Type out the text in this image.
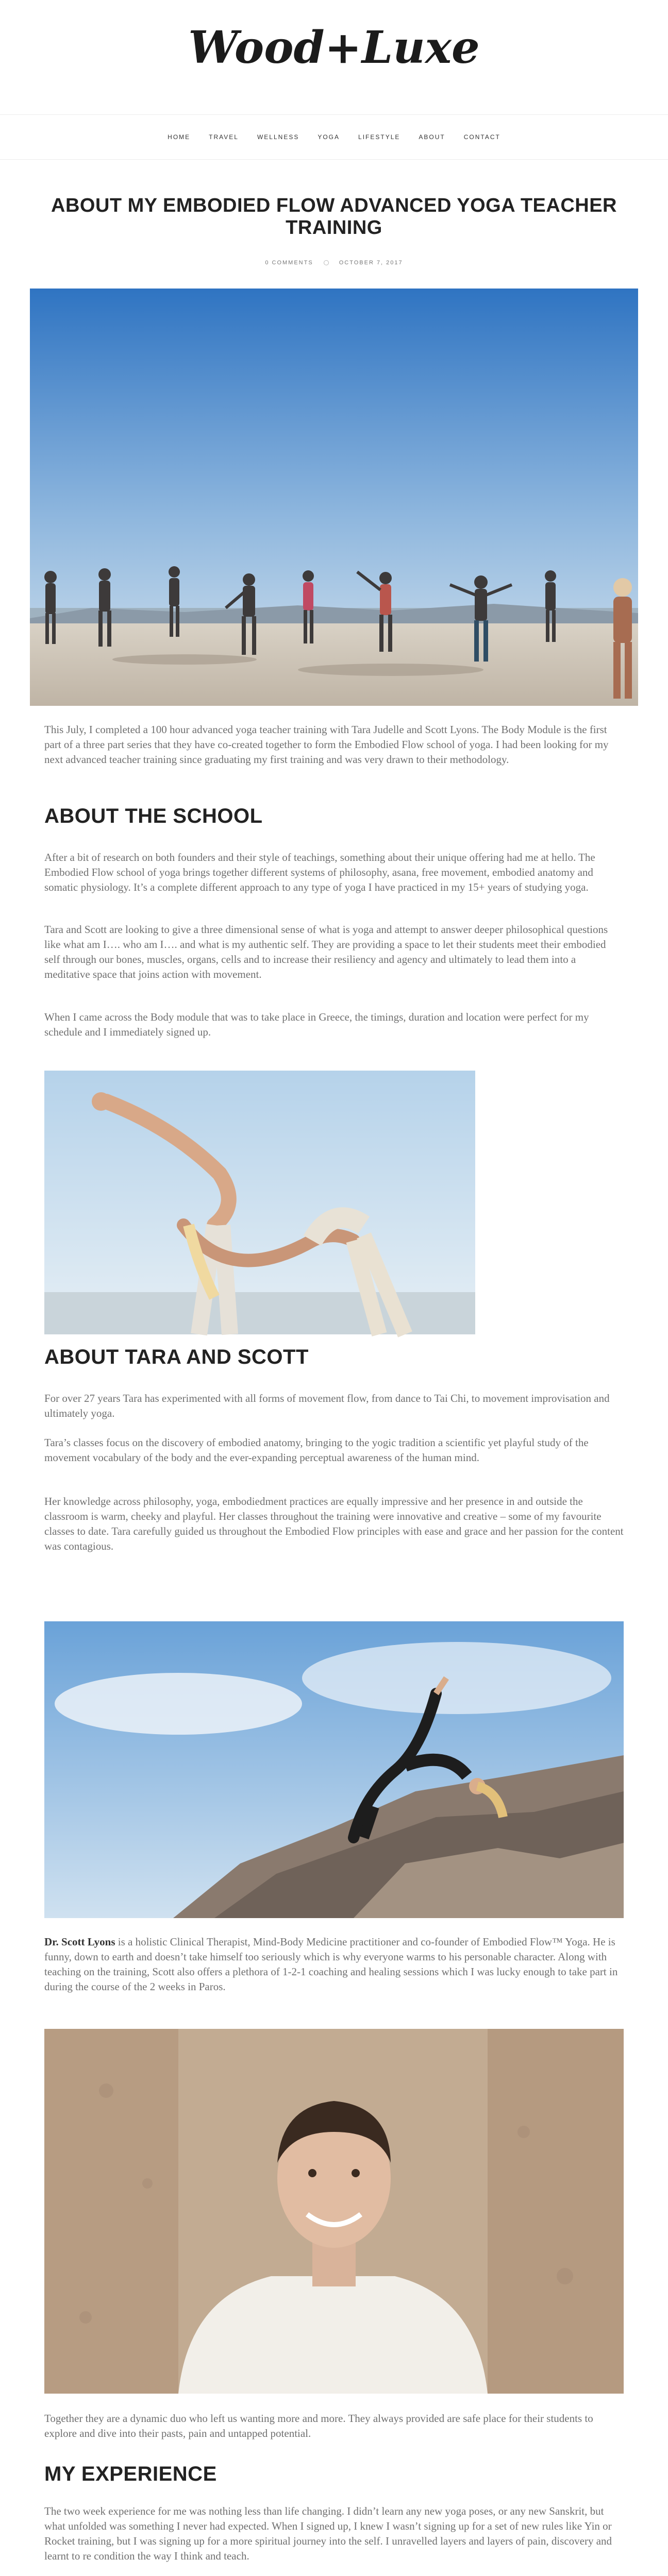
Wood+Luxe
HOME	TRAVEL	WELLNESS	YOGA	LIFESTYLE	ABOUT	CONTACT
ABOUT MY EMBODIED FLOW ADVANCED YOGA TEACHER TRAINING
0 COMMENTS	OCTOBER 7, 2017

This July, I completed a 100 hour advanced yoga teacher training with Tara Judelle and Scott Lyons. The Body Module is the first part of a three part series that they have co-created together to form the Embodied Flow school of yoga. I had been looking for my next advanced teacher training since graduating my first training and was very drawn to their methodology.

ABOUT THE SCHOOL

After a bit of research on both founders and their style of teachings, something about their unique offering had me at hello. The Embodied Flow school of yoga brings together different systems of philosophy, asana, free movement, embodied anatomy and somatic physiology. It’s a complete different approach to any type of yoga I have practiced in my 15+ years of studying yoga.

Tara and Scott are looking to give a three dimensional sense of what is yoga and attempt to answer deeper philosophical questions like what am I…. who am I…. and what is my authentic self. They are providing a space to let their students meet their embodied self through our bones, muscles, organs, cells and to increase their resiliency and agency and ultimately to lead them into a meditative space that joins action with movement.

When I came across the Body module that was to take place in Greece, the timings, duration and location were perfect for my schedule and I immediately signed up.

ABOUT TARA AND SCOTT

For over 27 years Tara has experimented with all forms of movement flow, from dance to Tai Chi, to movement improvisation and ultimately yoga.

Tara’s classes focus on the discovery of embodied anatomy, bringing to the yogic tradition a scientific yet playful study of the movement vocabulary of the body and the ever-expanding perceptual awareness of the human mind.

Her knowledge across philosophy, yoga, embodiedment practices are equally impressive and her presence in and outside the classroom is warm, cheeky and playful. Her classes throughout the training were innovative and creative – some of my favourite classes to date. Tara carefully guided us throughout the Embodied Flow principles with ease and grace and her passion for the content was contagious.

Dr. Scott Lyons is a holistic Clinical Therapist, Mind-Body Medicine practitioner and co-founder of Embodied Flow™ Yoga. He is funny, down to earth and doesn’t take himself too seriously which is why everyone warms to his personable character. Along with teaching on the training, Scott also offers a plethora of 1-2-1 coaching and healing sessions which I was lucky enough to take part in during the course of the 2 weeks in Paros.

Together they are a dynamic duo who left us wanting more and more. They always provided are safe place for their students to explore and dive into their pasts, pain and untapped potential.

MY EXPERIENCE

The two week experience for me was nothing less than life changing. I didn’t learn any new yoga poses, or any new Sanskrit, but what unfolded was something I never had expected. When I signed up, I knew I wasn’t signing up for a set of new rules like Yin or Rocket training, but I was signing up for a more spiritual journey into the self. I unravelled layers and layers of pain, discovery and learnt to re condition the way I think and teach.
